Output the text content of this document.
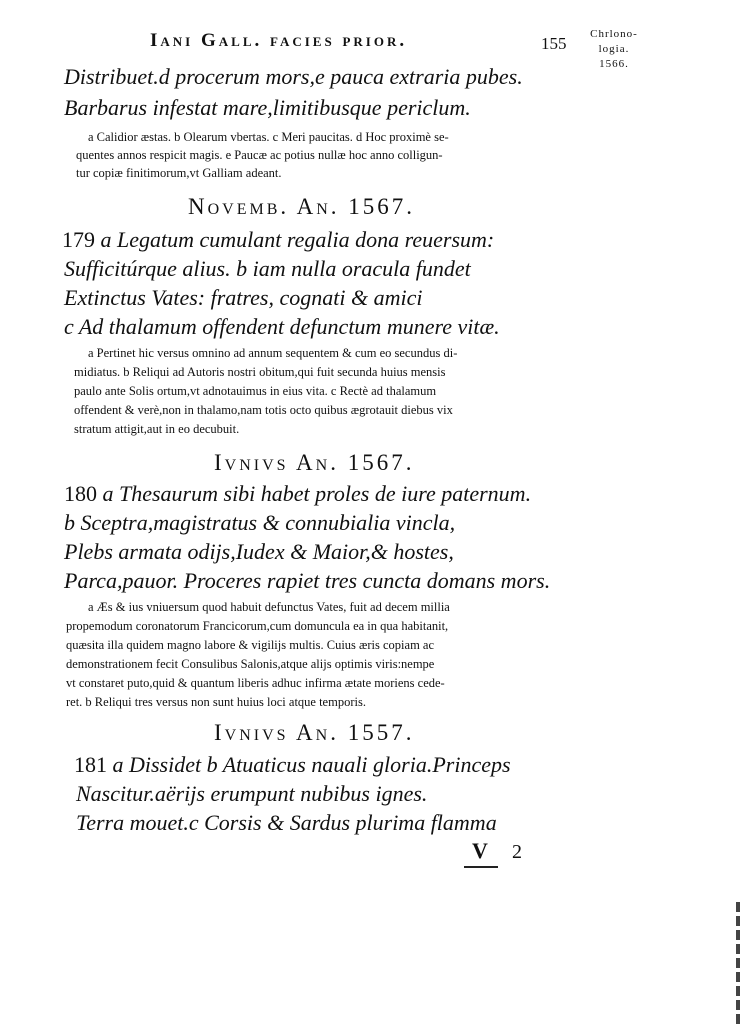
Iani Gall. facies prior.	155	Chrlono-
logia.
1566.
Distribuet.d procerum mors,e pauca extraria pubes.
Barbarus infestat mare,limitibusque periclum.
a Calidior æstas. b Olearum vbertas. c Meri paucitas. d Hoc proximè se-
quentes annos respicit magis. e Paucæ ac potius nullæ hoc anno colligun-
tur copiæ finitimorum,vt Galliam adeant.
Novemb. An. 1567.
179 a Legatum cumulant regalia dona reuersum:
Sufficitúrque alius. b iam nulla oracula fundet
Extinctus Vates: fratres, cognati & amici
c Ad thalamum offendent defunctum munere vitæ.
a Pertinet hic versus omnino ad annum sequentem & cum eo secundus di-
midiatus. b Reliqui ad Autoris nostri obitum,qui fuit secunda huius mensis
paulo ante Solis ortum,vt adnotauimus in eius vita. c Rectè ad thalamum
offendent & verè,non in thalamo,nam totis octo quibus ægrotauit diebus vix
stratum attigit,aut in eo decubuit.
Ivnivs An. 1567.
180 a Thesaurum sibi habet proles de iure paternum.
b Sceptra,magistratus & connubialia vincla,
Plebs armata odijs,Iudex & Maior,& hostes,
Parca,pauor. Proceres rapiet tres cuncta domans mors.
a Æs & ius vniuersum quod habuit defunctus Vates, fuit ad decem millia
propemodum coronatorum Francicorum,cum domuncula ea in qua habitanit,
quæsita illa quidem magno labore & vigilijs multis. Cuius æris copiam ac
demonstrationem fecit Consulibus Salonis,atque alijs optimis viris:nempe
vt constaret puto,quid & quantum liberis adhuc infirma ætate moriens cede-
ret. b Reliqui tres versus non sunt huius loci atque temporis.
Ivnivs An. 1557.
181 a Dissidet b Atuaticus nauali gloria.Princeps
Nascitur.aërijs erumpunt nubibus ignes.
Terra mouet.c Corsis & Sardus plurima flamma
V 2
